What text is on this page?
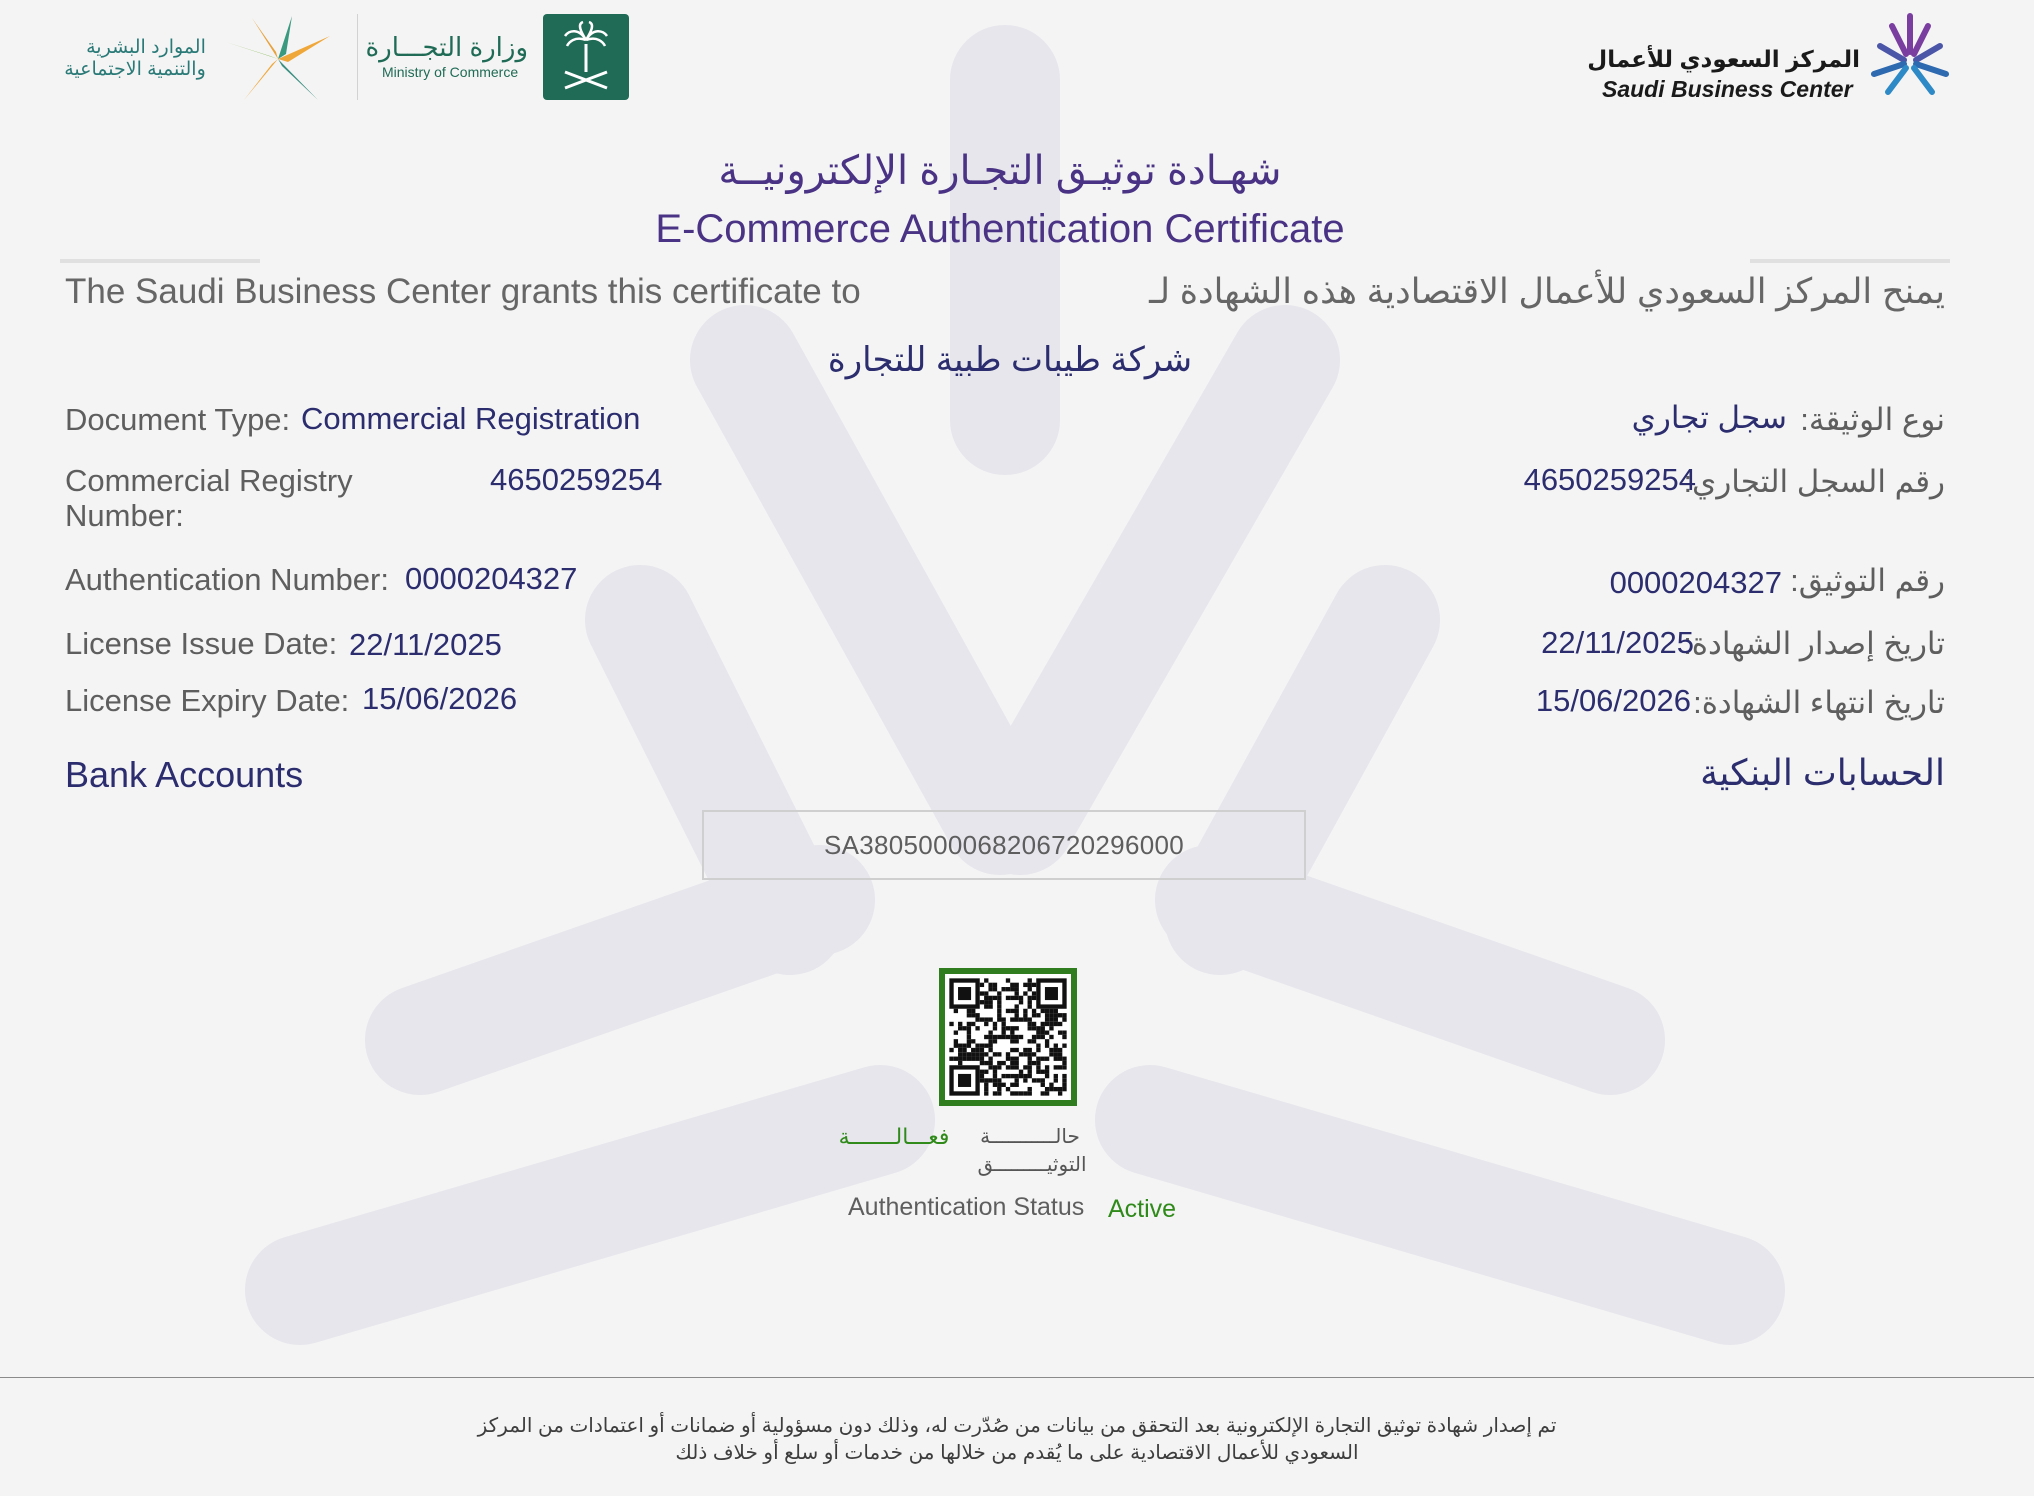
الموارد البشرية
والتنمية الاجتماعية
وزارة التجـــارة
Ministry of Commerce	المركز السعودي للأعمال
Saudi Business Center
شهـادة توثيـق التجـارة الإلكترونيــة
E-Commerce Authentication Certificate
The Saudi Business Center grants this certificate to	يمنح المركز السعودي للأعمال الاقتصادية هذه الشهادة لـ
شركة طيبات طبية للتجارة
Document Type: Commercial Registration
Commercial Registry
Number:
4650259254
Authentication Number: 0000204327
License Issue Date: 22/11/2025
License Expiry Date: 15/06/2026
نوع الوثيقة:
سجل تجاري
رقم السجل التجاري:
4650259254
رقم التوثيق:
0000204327
تاريخ إصدار الشهادة:
22/11/2025
تاريخ انتهاء الشهادة:
15/06/2026
Bank Accounts	الحسابات البنكية
SA3805000068206720296000
حالـــــــــــة
التوثيـــــــــق
فعـــالـــــــة
Authentication Status Active
تم إصدار شهادة توثيق التجارة الإلكترونية بعد التحقق من بيانات من صُدّرت له، وذلك دون مسؤولية أو ضمانات أو اعتمادات من المركز
السعودي للأعمال الاقتصادية على ما يُقدم من خلالها من خدمات أو سلع أو خلاف ذلك
